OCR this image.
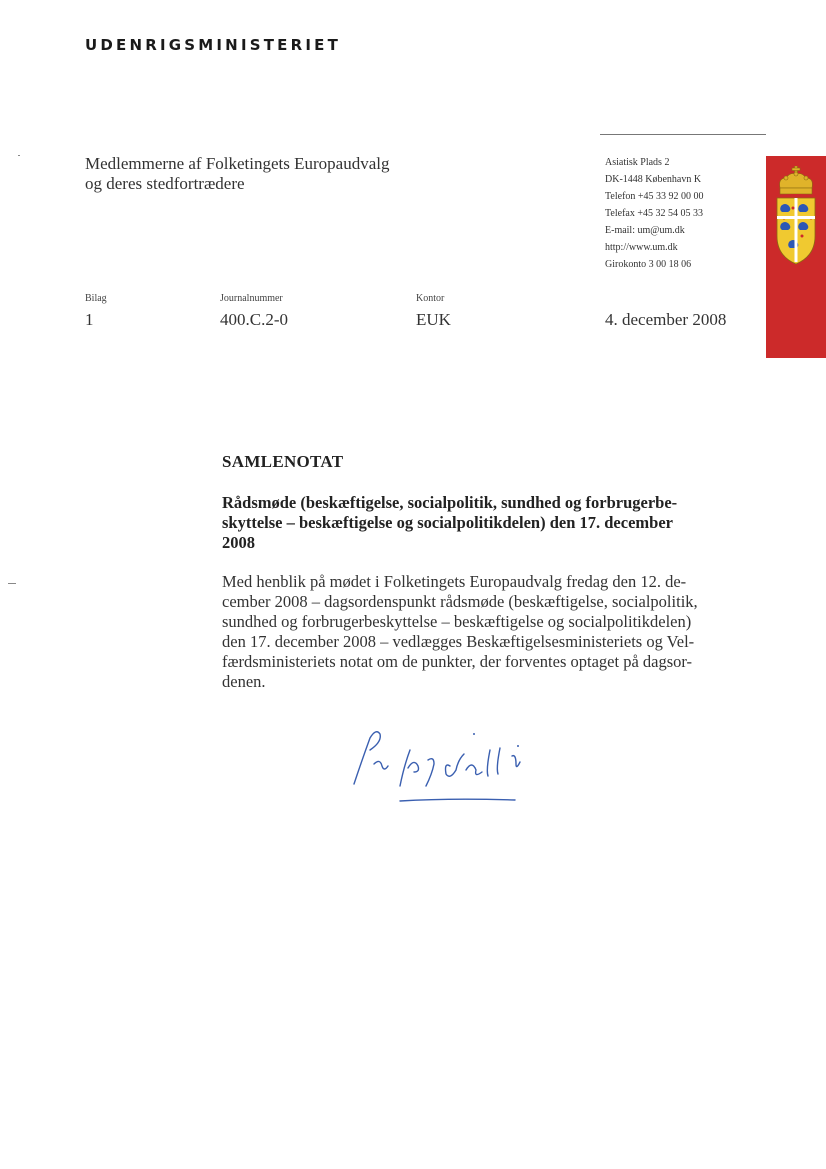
UDENRIGSMINISTERIET
Medlemmerne af Folketingets Europaudvalg
og deres stedfortrædere
Asiatisk Plads 2
DK-1448 København K
Telefon +45 33 92 00 00
Telefax +45 32 54 05 33
E-mail: um@um.dk
http://www.um.dk
Girokonto 3 00 18 06
Bilag
1
Journalnummer
400.C.2-0
Kontor
EUK	4. december 2008
SAMLENOTAT
Rådsmøde (beskæftigelse, socialpolitik, sundhed og forbrugerbe-
skyttelse – beskæftigelse og socialpolitikdelen) den 17. december
2008
Med henblik på mødet i Folketingets Europaudvalg fredag den 12. de-
cember 2008 – dagsordenspunkt rådsmøde (beskæftigelse, socialpolitik,
sundhed og forbrugerbeskyttelse – beskæftigelse og socialpolitikdelen)
den 17. december 2008 – vedlægges Beskæftigelsesministeriets og Vel-
færdsministeriets notat om de punkter, der forventes optaget på dagsor-
denen.
